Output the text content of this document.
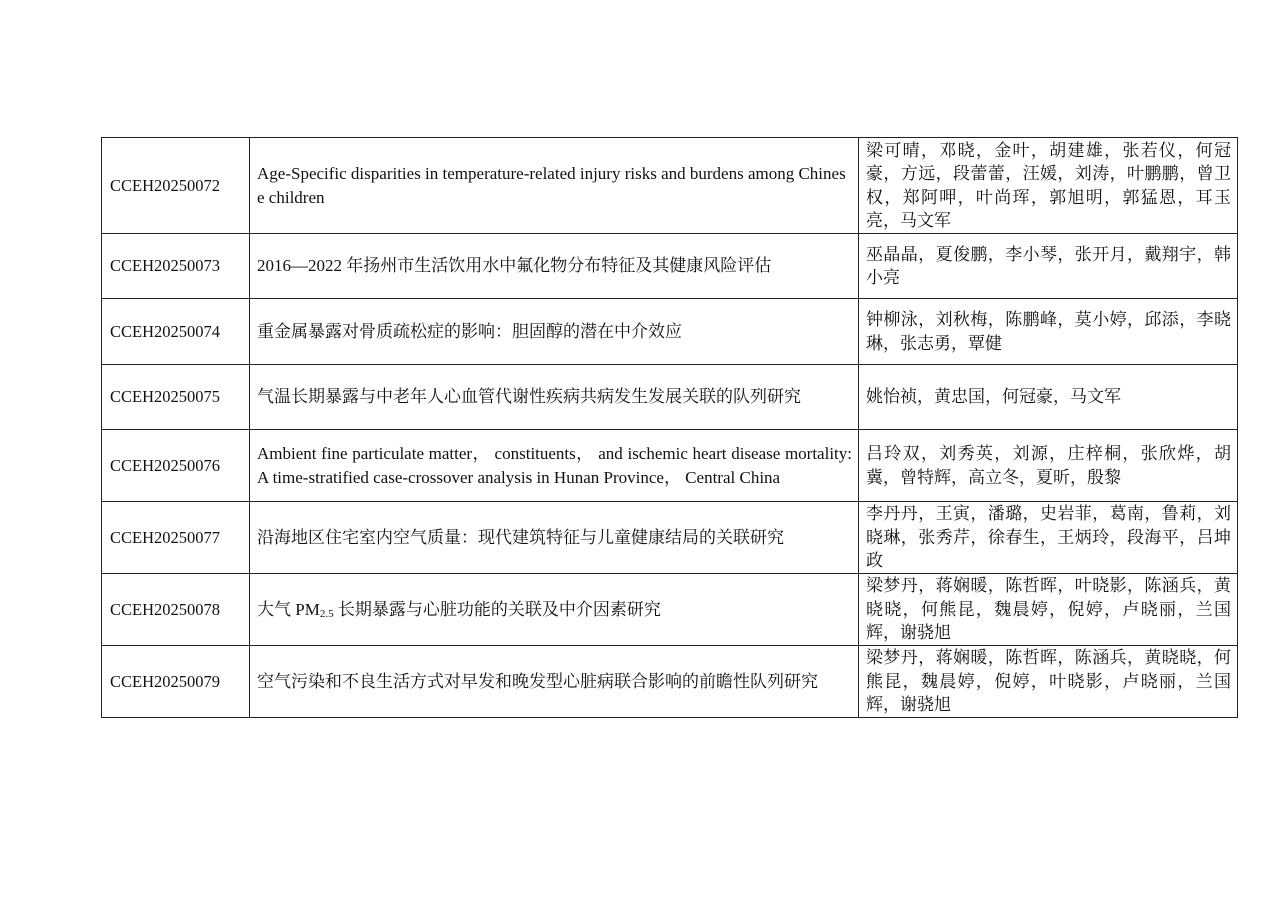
CCEH20250072	Age-Specific disparities in temperature-related injury risks and burdens among Chinese children	梁可晴，邓晓，金叶，胡建雄，张若仪，何冠豪，方远，段蕾蕾，汪媛，刘涛，叶鹏鹏，曾卫权，郑阿呷，叶尚珲，郭旭明，郭猛恩，耳玉亮，马文军
CCEH20250073	2016—2022 年扬州市生活饮用水中氟化物分布特征及其健康风险评估	巫晶晶，夏俊鹏，李小琴，张开月，戴翔宇，韩小亮
CCEH20250074	重金属暴露对骨质疏松症的影响：胆固醇的潜在中介效应	钟柳泳，刘秋梅，陈鹏峰，莫小婷，邱添，李晓琳，张志勇，覃健
CCEH20250075	气温长期暴露与中老年人心血管代谢性疾病共病发生发展关联的队列研究	姚怡祯，黄忠国，何冠豪，马文军
CCEH20250076	Ambient fine particulate matter， constituents， and ischemic heart disease mortality: A time-stratified case-crossover analysis in Hunan Province， Central China	吕玲双，刘秀英，刘源，庄梓桐，张欣烨，胡冀，曾特辉，高立冬，夏昕，殷黎
CCEH20250077	沿海地区住宅室内空气质量：现代建筑特征与儿童健康结局的关联研究	李丹丹，王寅，潘璐，史岩菲，葛南，鲁莉，刘晓琳，张秀芹，徐春生，王炳玲，段海平，吕坤政
CCEH20250078	大气 $PM_{2.5}$ 长期暴露与心脏功能的关联及中介因素研究	梁梦丹，蒋娴暖，陈哲晖，叶晓影，陈涵兵，黄晓晓，何熊昆，魏晨婷，倪婷，卢晓丽，兰国辉，谢骁旭
CCEH20250079	空气污染和不良生活方式对早发和晚发型心脏病联合影响的前瞻性队列研究	梁梦丹，蒋娴暖，陈哲晖，陈涵兵，黄晓晓，何熊昆，魏晨婷，倪婷，叶晓影，卢晓丽，兰国辉，谢骁旭
